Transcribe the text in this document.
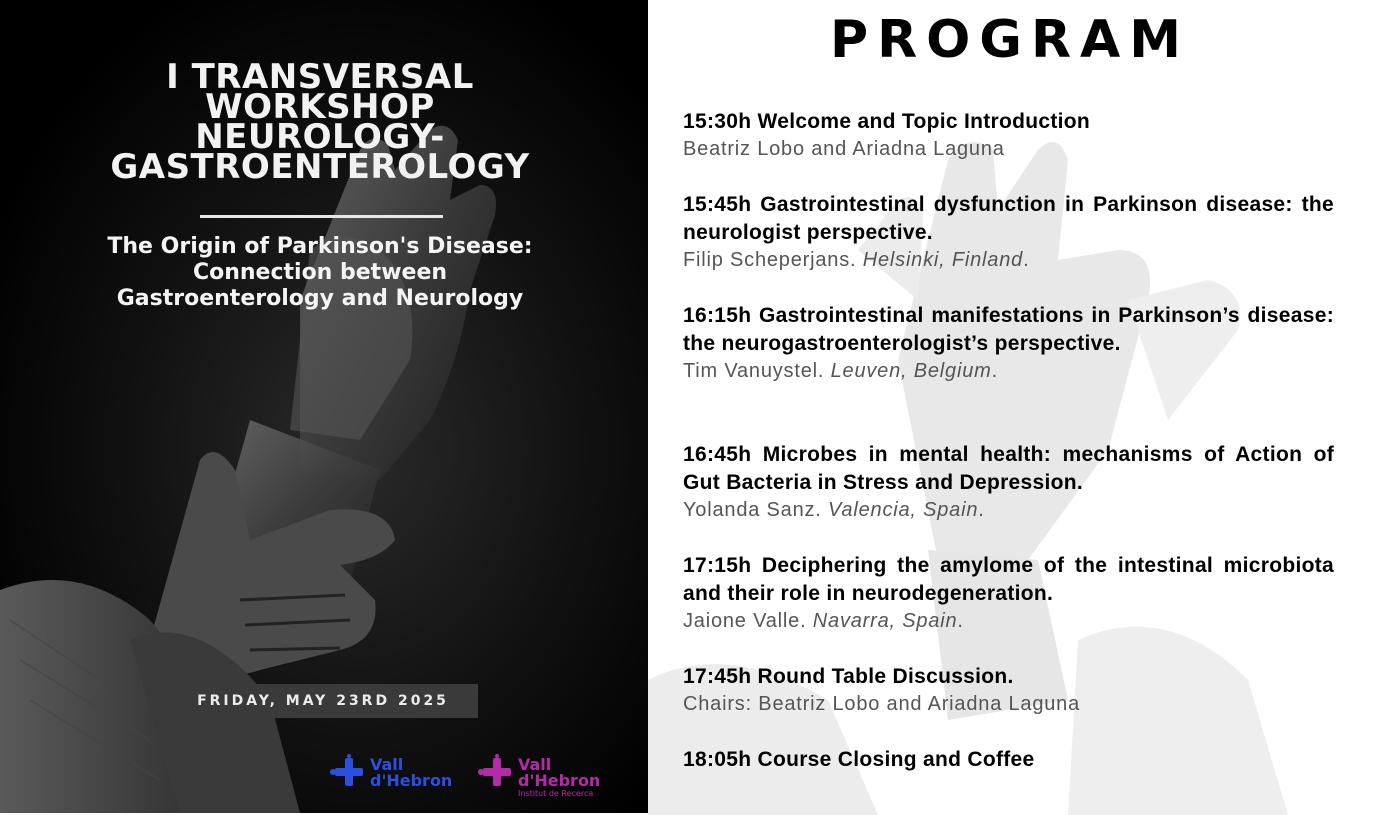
I TRANSVERSAL
WORKSHOP
NEUROLOGY-
GASTROENTEROLOGY
The Origin of Parkinson's Disease:
Connection between
Gastroenterology and Neurology
FRIDAY, MAY 23RD 2025
Vall
d'Hebron
Vall
d'Hebron
Institut de Recerca
PROGRAM
15:30h Welcome and Topic Introduction
Beatriz Lobo and Ariadna Laguna
15:45h Gastrointestinal dysfunction in Parkinson disease: the neurologist perspective.
Filip Scheperjans. Helsinki, Finland.
16:15h Gastrointestinal manifestations in Parkinson’s disease: the neurogastroenterologist’s perspective.
Tim Vanuystel. Leuven, Belgium.
16:45h Microbes in mental health: mechanisms of Action of Gut Bacteria in Stress and Depression.
Yolanda Sanz. Valencia, Spain.
17:15h Deciphering the amylome of the intestinal microbiota and their role in neurodegeneration.
Jaione Valle. Navarra, Spain.
17:45h Round Table Discussion.
Chairs: Beatriz Lobo and Ariadna Laguna
18:05h Course Closing and Coffee
